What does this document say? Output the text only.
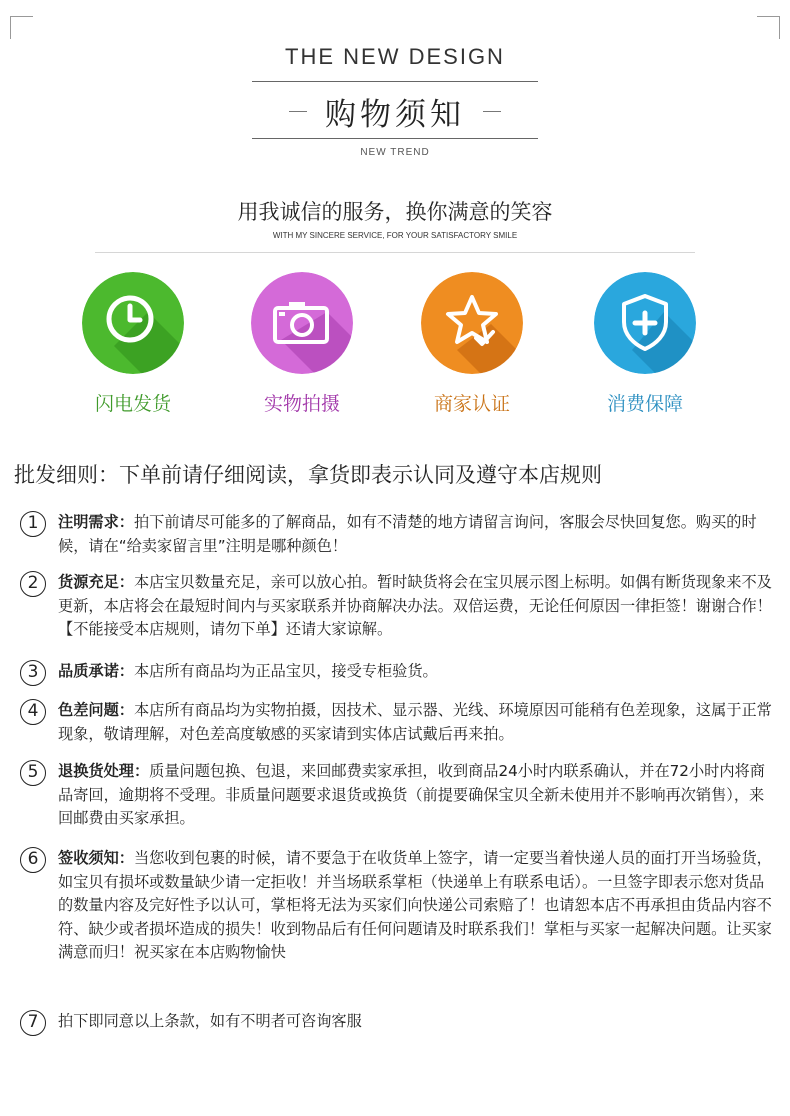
THE NEW DESIGN
购物须知
NEW TREND
用我诚信的服务，换你满意的笑容
WITH MY SINCERE SERVICE, FOR YOUR SATISFACTORY SMILE
闪电发货	实物拍摄	商家认证	消费保障
批发细则：下单前请仔细阅读，拿货即表示认同及遵守本店规则
1	注明需求：拍下前请尽可能多的了解商品，如有不清楚的地方请留言询问，客服会尽快回复您。购买的时候，请在“给卖家留言里”注明是哪种颜色！
2	货源充足：本店宝贝数量充足，亲可以放心拍。暂时缺货将会在宝贝展示图上标明。如偶有断货现象来不及更新，本店将会在最短时间内与买家联系并协商解决办法。双倍运费，无论任何原因一律拒签！谢谢合作！【不能接受本店规则，请勿下单】还请大家谅解。
3	品质承诺：本店所有商品均为正品宝贝，接受专柜验货。
4	色差问题：本店所有商品均为实物拍摄，因技术、显示器、光线、环境原因可能稍有色差现象，这属于正常现象，敬请理解，对色差高度敏感的买家请到实体店试戴后再来拍。
5	退换货处理：质量问题包换、包退，来回邮费卖家承担，收到商品24小时内联系确认，并在72小时内将商品寄回，逾期将不受理。非质量问题要求退货或换货（前提要确保宝贝全新未使用并不影响再次销售），来回邮费由买家承担。
6	签收须知：当您收到包裹的时候，请不要急于在收货单上签字，请一定要当着快递人员的面打开当场验货，如宝贝有损坏或数量缺少请一定拒收！并当场联系掌柜（快递单上有联系电话）。一旦签字即表示您对货品的数量内容及完好性予以认可，掌柜将无法为买家们向快递公司索赔了！也请恕本店不再承担由货品内容不符、缺少或者损坏造成的损失！收到物品后有任何问题请及时联系我们！掌柜与买家一起解决问题。让买家满意而归！祝买家在本店购物愉快
7	拍下即同意以上条款，如有不明者可咨询客服
